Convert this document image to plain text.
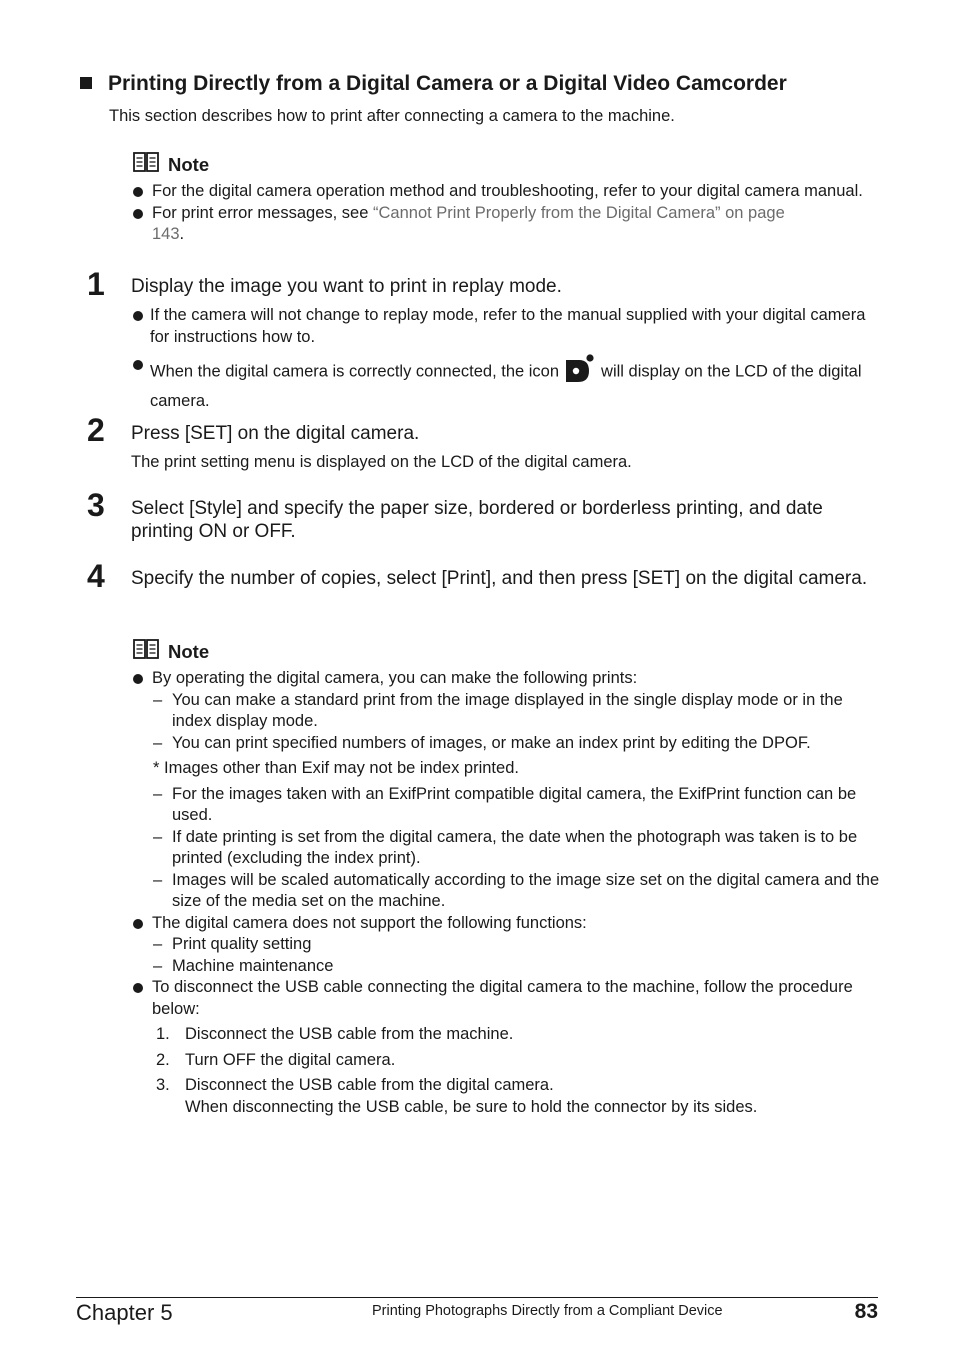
Printing Directly from a Digital Camera or a Digital Video Camcorder
This section describes how to print after connecting a camera to the machine.
Note
For the digital camera operation method and troubleshooting, refer to your digital camera manual.
For print error messages, see “Cannot Print Properly from the Digital Camera” on page 143.
1 Display the image you want to print in replay mode.
If the camera will not change to replay mode, refer to the manual supplied with your digital camera for instructions how to.
When the digital camera is correctly connected, the icon	will display on the LCD of the digital camera.
2 Press [SET] on the digital camera.
The print setting menu is displayed on the LCD of the digital camera.
3 Select [Style] and specify the paper size, bordered or borderless printing, and date printing ON or OFF.
4 Specify the number of copies, select [Print], and then press [SET] on the digital camera.
Note
By operating the digital camera, you can make the following prints:
– You can make a standard print from the image displayed in the single display mode or in the index display mode.
– You can print specified numbers of images, or make an index print by editing the DPOF.
* Images other than Exif may not be index printed.
– For the images taken with an ExifPrint compatible digital camera, the ExifPrint function can be used.
– If date printing is set from the digital camera, the date when the photograph was taken is to be printed (excluding the index print).
– Images will be scaled automatically according to the image size set on the digital camera and the size of the media set on the machine.
The digital camera does not support the following functions:
– Print quality setting
– Machine maintenance
To disconnect the USB cable connecting the digital camera to the machine, follow the procedure below:
1. Disconnect the USB cable from the machine.
2. Turn OFF the digital camera.
3. Disconnect the USB cable from the digital camera.
When disconnecting the USB cable, be sure to hold the connector by its sides.
Chapter 5	Printing Photographs Directly from a Compliant Device	83
